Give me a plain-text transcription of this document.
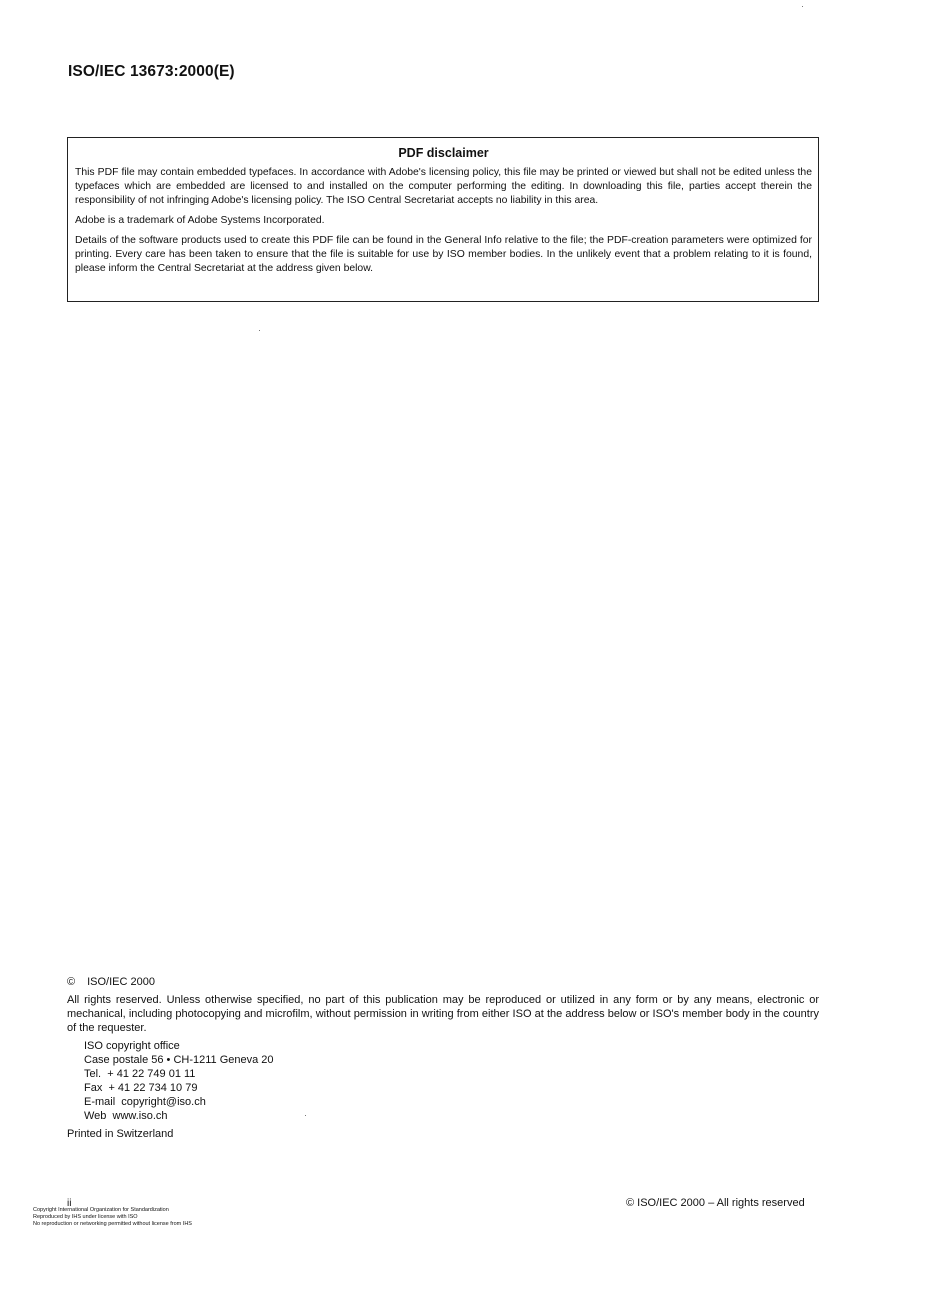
ISO/IEC 13673:2000(E)
PDF disclaimer

This PDF file may contain embedded typefaces. In accordance with Adobe's licensing policy, this file may be printed or viewed but shall not be edited unless the typefaces which are embedded are licensed to and installed on the computer performing the editing. In downloading this file, parties accept therein the responsibility of not infringing Adobe's licensing policy. The ISO Central Secretariat accepts no liability in this area.

Adobe is a trademark of Adobe Systems Incorporated.

Details of the software products used to create this PDF file can be found in the General Info relative to the file; the PDF-creation parameters were optimized for printing. Every care has been taken to ensure that the file is suitable for use by ISO member bodies. In the unlikely event that a problem relating to it is found, please inform the Central Secretariat at the address given below.

© ISO/IEC 2000
All rights reserved. Unless otherwise specified, no part of this publication may be reproduced or utilized in any form or by any means, electronic or mechanical, including photocopying and microfilm, without permission in writing from either ISO at the address below or ISO's member body in the country of the requester.
ISO copyright office
Case postale 56 • CH-1211 Geneva 20
Tel.  + 41 22 749 01 11
Fax  + 41 22 734 10 79
E-mail  copyright@iso.ch
Web  www.iso.ch
Printed in Switzerland
ii	© ISO/IEC 2000 – All rights reserved
Copyright International Organization for Standardization
Reproduced by IHS under license with ISO
No reproduction or networking permitted without license from IHS
